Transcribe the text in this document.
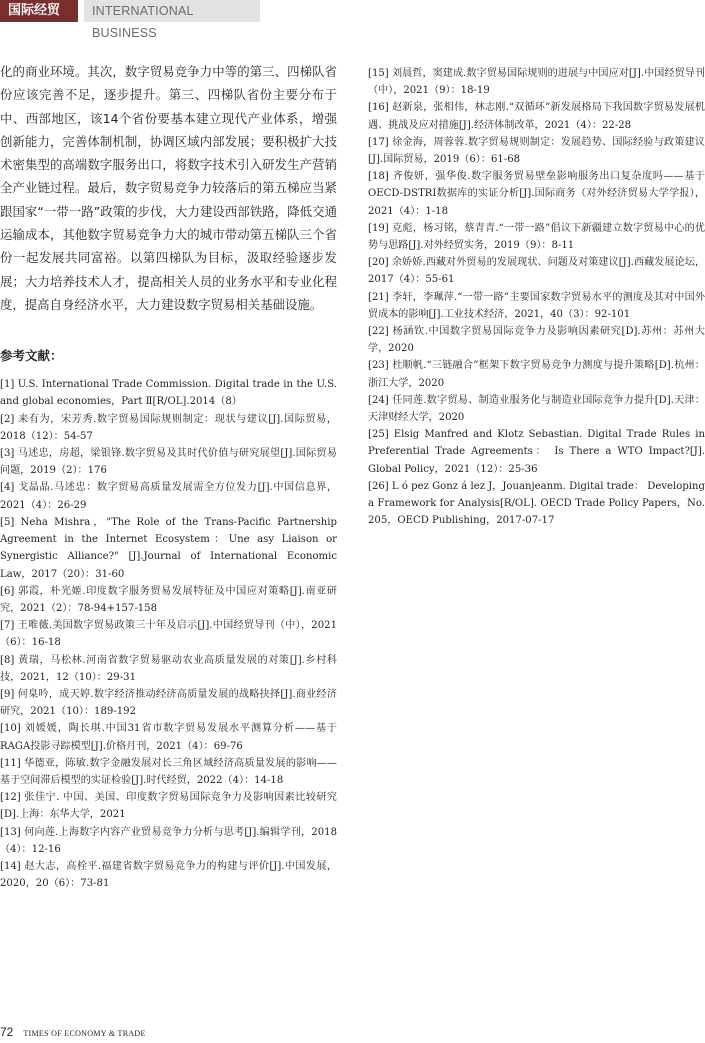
国际经贸	INTERNATIONAL BUSINESS

化的商业环境。其次，数字贸易竞争力中等的第三、四梯队省份应该完善不足，逐步提升。第三、四梯队省份主要分布于中、西部地区，该14个省份要基本建立现代产业体系，增强创新能力，完善体制机制，协调区域内部发展；要积极扩大技术密集型的高端数字服务出口，将数字技术引入研发生产营销全产业链过程。最后，数字贸易竞争力较落后的第五梯应当紧跟国家“一带一路”政策的步伐，大力建设西部铁路，降低交通运输成本，其他数字贸易竞争力大的城市带动第五梯队三个省份一起发展共同富裕。以第四梯队为目标，汲取经验逐步发展；大力培养技术人才，提高相关人员的业务水平和专业化程度，提高自身经济水平，大力建设数字贸易相关基础设施。

参考文献：
[1] U.S. International Trade Commission. Digital trade in the U.S. and global economies，Part Ⅱ[R/OL].2014（8）
[2] 来有为，宋芳秀.数字贸易国际规则制定：现状与建议[J].国际贸易，2018（12）：54-57
[3] 马述忠，房超，梁银锋.数字贸易及其时代价值与研究展望[J].国际贸易问题，2019（2）：176
[4] 戈晶晶.马述忠：数字贸易高质量发展需全方位发力[J].中国信息界，2021（4）：26-29
[5] Neha Mishra，"The Role of the Trans-Pacific Partnership Agreement in the Internet Ecosystem：Une asy Liaison or Synergistic Alliance?" [J].Journal of International Economic Law，2017（20）：31-60
[6] 郭霞，朴光姬.印度数字服务贸易发展特征及中国应对策略[J].南亚研究，2021（2）：78-94+157-158
[7] 王唯薇.美国数字贸易政策三十年及启示[J].中国经贸导刊（中），2021（6）：16-18
[8] 黄瑞，马松林.河南省数字贸易驱动农业高质量发展的对策[J].乡村科技，2021，12（10）：29-31
[9] 何臬吟，成天婷.数字经济推动经济高质量发展的战略抉择[J].商业经济研究，2021（10）：189-192
[10] 刘媛媛，陶长琪.中国31省市数字贸易发展水平测算分析——基于RAGA投影寻踪模型[J].价格月刊，2021（4）：69-76
[11] 华德亚，陈敏.数字金融发展对长三角区域经济高质量发展的影响——基于空间滞后模型的实证检验[J].时代经贸，2022（4）：14-18
[12] 张佳宁. 中国、美国、印度数字贸易国际竞争力及影响因素比较研究[D].上海：东华大学，2021
[13] 何向莲.上海数字内容产业贸易竞争力分析与思考[J].编辑学刊，2018（4）：12-16
[14] 赵大志，高栓平.福建省数字贸易竞争力的构建与评价[J].中国发展，2020，20（6）：73-81
[15] 刘晨哲，窦建成.数字贸易国际规则的进展与中国应对[J].中国经贸导刊（中），2021（9）：18-19
[16] 赵新泉，张相伟，林志刚.“双循环”新发展格局下我国数字贸易发展机遇、挑战及应对措施[J].经济体制改革，2021（4）：22-28
[17] 徐金海，周蓉蓉.数字贸易规则制定：发展趋势、国际经验与政策建议[J].国际贸易，2019（6）：61-68
[18] 齐俊妍，强华俊.数字服务贸易壁垒影响服务出口复杂度吗——基于OECD-DSTRI数据库的实证分析[J].国际商务（对外经济贸易大学学报），2021（4）：1-18
[19] 克彪，杨习铭，蔡青青.“一带一路”倡议下新疆建立数字贸易中心的优势与思路[J].对外经贸实务，2019（9）：8-11
[20] 余娇娇.西藏对外贸易的发展现状、问题及对策建议[J].西藏发展论坛，2017（4）：55-61
[21] 李轩，李珮萍.“一带一路”主要国家数字贸易水平的测度及其对中国外贸成本的影响[J].工业技术经济，2021，40（3）：92-101
[22] 杨涵钦.中国数字贸易国际竞争力及影响因素研究[D].苏州：苏州大学，2020
[23] 杜顺帆.“三链融合”框架下数字贸易竞争力测度与提升策略[D].杭州：浙江大学，2020
[24] 任同莲.数字贸易、制造业服务化与制造业国际竞争力提升[D].天津：天津财经大学，2020
[25] Elsig Manfred and Klotz Sebastian. Digital Trade Rules in Preferential Trade Agreements： Is There a WTO Impact?[J]. Global Policy，2021（12）：25-36
[26] L ó pez Gonz á lez J，Jouanjeanm. Digital trade： Developing a Framework for Analysis[R/OL]. OECD Trade Policy Papers，No. 205，OECD Publishing，2017-07-17
72 TIMES OF ECONOMY & TRADE
